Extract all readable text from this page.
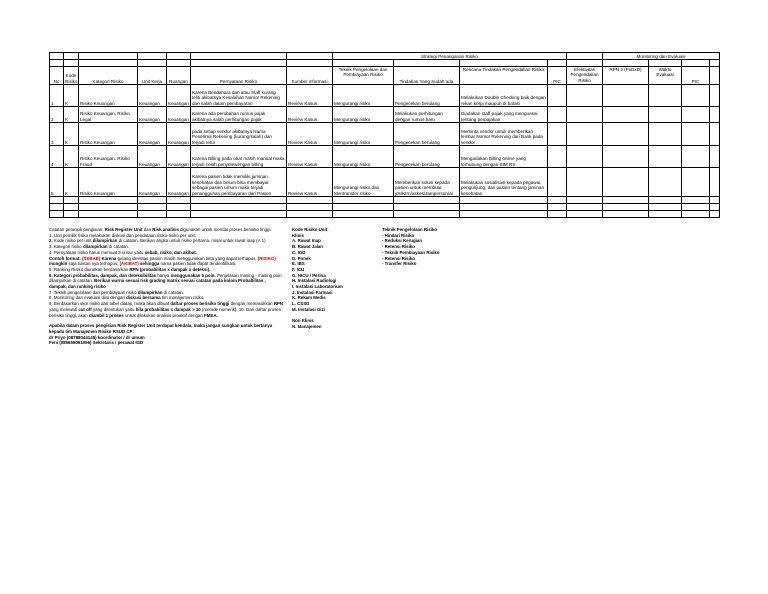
							Strategi Penanganan Risiko					Monitoring dan Evaluasi			

No	Kode Risiko	Kategori Risiko	Unit Kerja	Ruangan	Pernyataan Risiko	Sumber informasi	Teknik Pengelolaan dan Pembiayaan Risiko	Tindakan Yang Sudah ada	Rencana Tindakan Pengendalian Risiko	PIC	Efektivitas Pengendalian Risiko	RPN 2 (PxDxD)	Waktu Evaluasi	PIC	
1	K	Risiko Keuangan	Keuangan	Keuangan	Karena Bendahara dan atau Staff kurang teliti akibatnya Kesalahan Nomor Rekening dan salah dalam pembayaran	Review Kasus	Mengurangi risiko	Pengecekan berulang	Melakukan Double Checking baik dengan rekan kerja maupun di batasi						
2	K	Risiko Keuangan, Risiko Legal	Keuangan	Keuangan	Karena ada perubahan rumus pajak akibatnya salah perhitungan pajak	Review Kasus	Mengurangi risiko	Melakukan perhitungan dengan rumus baru	Diadakan staff pajak yang menguasai tentang perpajakan						
3	K	Risiko Keuangan	Keuangan	Keuangan	pada setiap vendor akibatnya Nama Penerima Rekening (kurang/salah) dan terjadi retur	Review Kasus	Mengurangi risiko	Pengecekan berulang	Meminta vendor untuk memberikan lembar Nomor Rekening dari Bank pada vendor						
4	K	Risiko Keuangan, Risiko Fraud	Keuangan	Keuangan	Karena Billing pada obat masih manual maka terjadi celah penyelewengan billing	Review Kasus	Mengurangi risiko	Pengecekan berulang	Mengadakan Billing online yang terhubung dengan SIM RS						
5	K	Risiko Keuangan	Keuangan	Keuangan	Karena pasien tidak memiliki jaminan kesehatan dan belum bisa membayar sebagai pasien umum maka terjadi penangguhan pembayaran dari Pasien	Review Kasus	Mengurangi risiko dan Mentransfer risiko	Memberikan solusi kepada pasien untuk membuat jds/Ktrn/askes/Jamperson/al	Melakukan sosialisasi kepada pegawai, pengunjung, dan pasien tentang jaminan kesehatan.						

Catatan petunjuk pengisian: Risk Register Unit dan Risk analisis digunakan untuk mendai proses berisiko tinggi.

1. Unit pemilik risiko melakukan diskusi dan pendataan risiko-risiko per unit.

2. Kode risiko per unit dilampirkan di catatan. Berikan angka untuk risiko pertama, misal untuk rawat inap (A 1)

3. Kategori risiko dilampirkan di catatan.

4. Pernyataan risiko harus memuat 3 unsur yaitu sebab, risiko, dan akibat.

Contoh format: (SEBAB) Karena gelang identitas pasien masih menggunakan tinta yang dapat terhapus, (RISIKO) mungkin saja tulisan nya terhapus, (AKIBAT) sehingga nama pasien tidak dapat teridentifikasi.

5. Ranking Risiko diurutkan berdasarkan RPN (probabilitas x dampak x deteksi).

6. Kategori probabilitas, dampak, dan deteksibilitas hanya menggunakan 5 poin. Penjelasan masing - masing poin dilampirkan di catatan. Berikan warna sesuai risk grading matrix sesuai catatan pada kolom Probabilitas , dampak, dan ranking risiko

7. Teknik pengelolaan dan pembiayaan risiko dilampirkan di catatan.

8. Monitoring dan evaluasi diisi dengan diskusi bersama tim manajemen risiko.

9. Berdasarkan skor risiko dari tabel diatas, maka akan dibuat daftar proses berisiko tinggi dengan memasukkan RPN yang melewati cut off yang ditentukan yaitu bila probabilitas x dampak > 10 (metode numerik). 10. Dari daftar proses berisiko tinggi, akan diambil 1 proses untuk dilakukan analisis proaktif dengan FMEA.

Apabila dalam proses pengisian Risk Register Unit terdapat kendala, maka jangan sungkan untuk bertanya kepada tim Manajemen Risiko RSUD CP:

dr Priyo (08788044145) koordinator / dr umum

Feni (085659091096) Sekretaris / perawat IGD

Kode Risiko Unit:

Klinis

A. Rawat Inap

B. Rawat Jalan

C. IGD

D. Ponek

E. IBS

F. ICU

G. NICU / Perina

H. Instalasi Radiologi

I. Instalasi Laboratorium

J. Instalasi Farmasi

K. Rekam Medis

L. CSSD

M. Instalasi Gizi

Non Klinis

N. Manajemen

Teknik Pengelolaan Risiko

- Hindari Risiko

- Reduksi Kerugian

- Retensi Risiko

- Teknik Pembiayaan Risiko

- Retensi Risiko

- Transfer Risiko
